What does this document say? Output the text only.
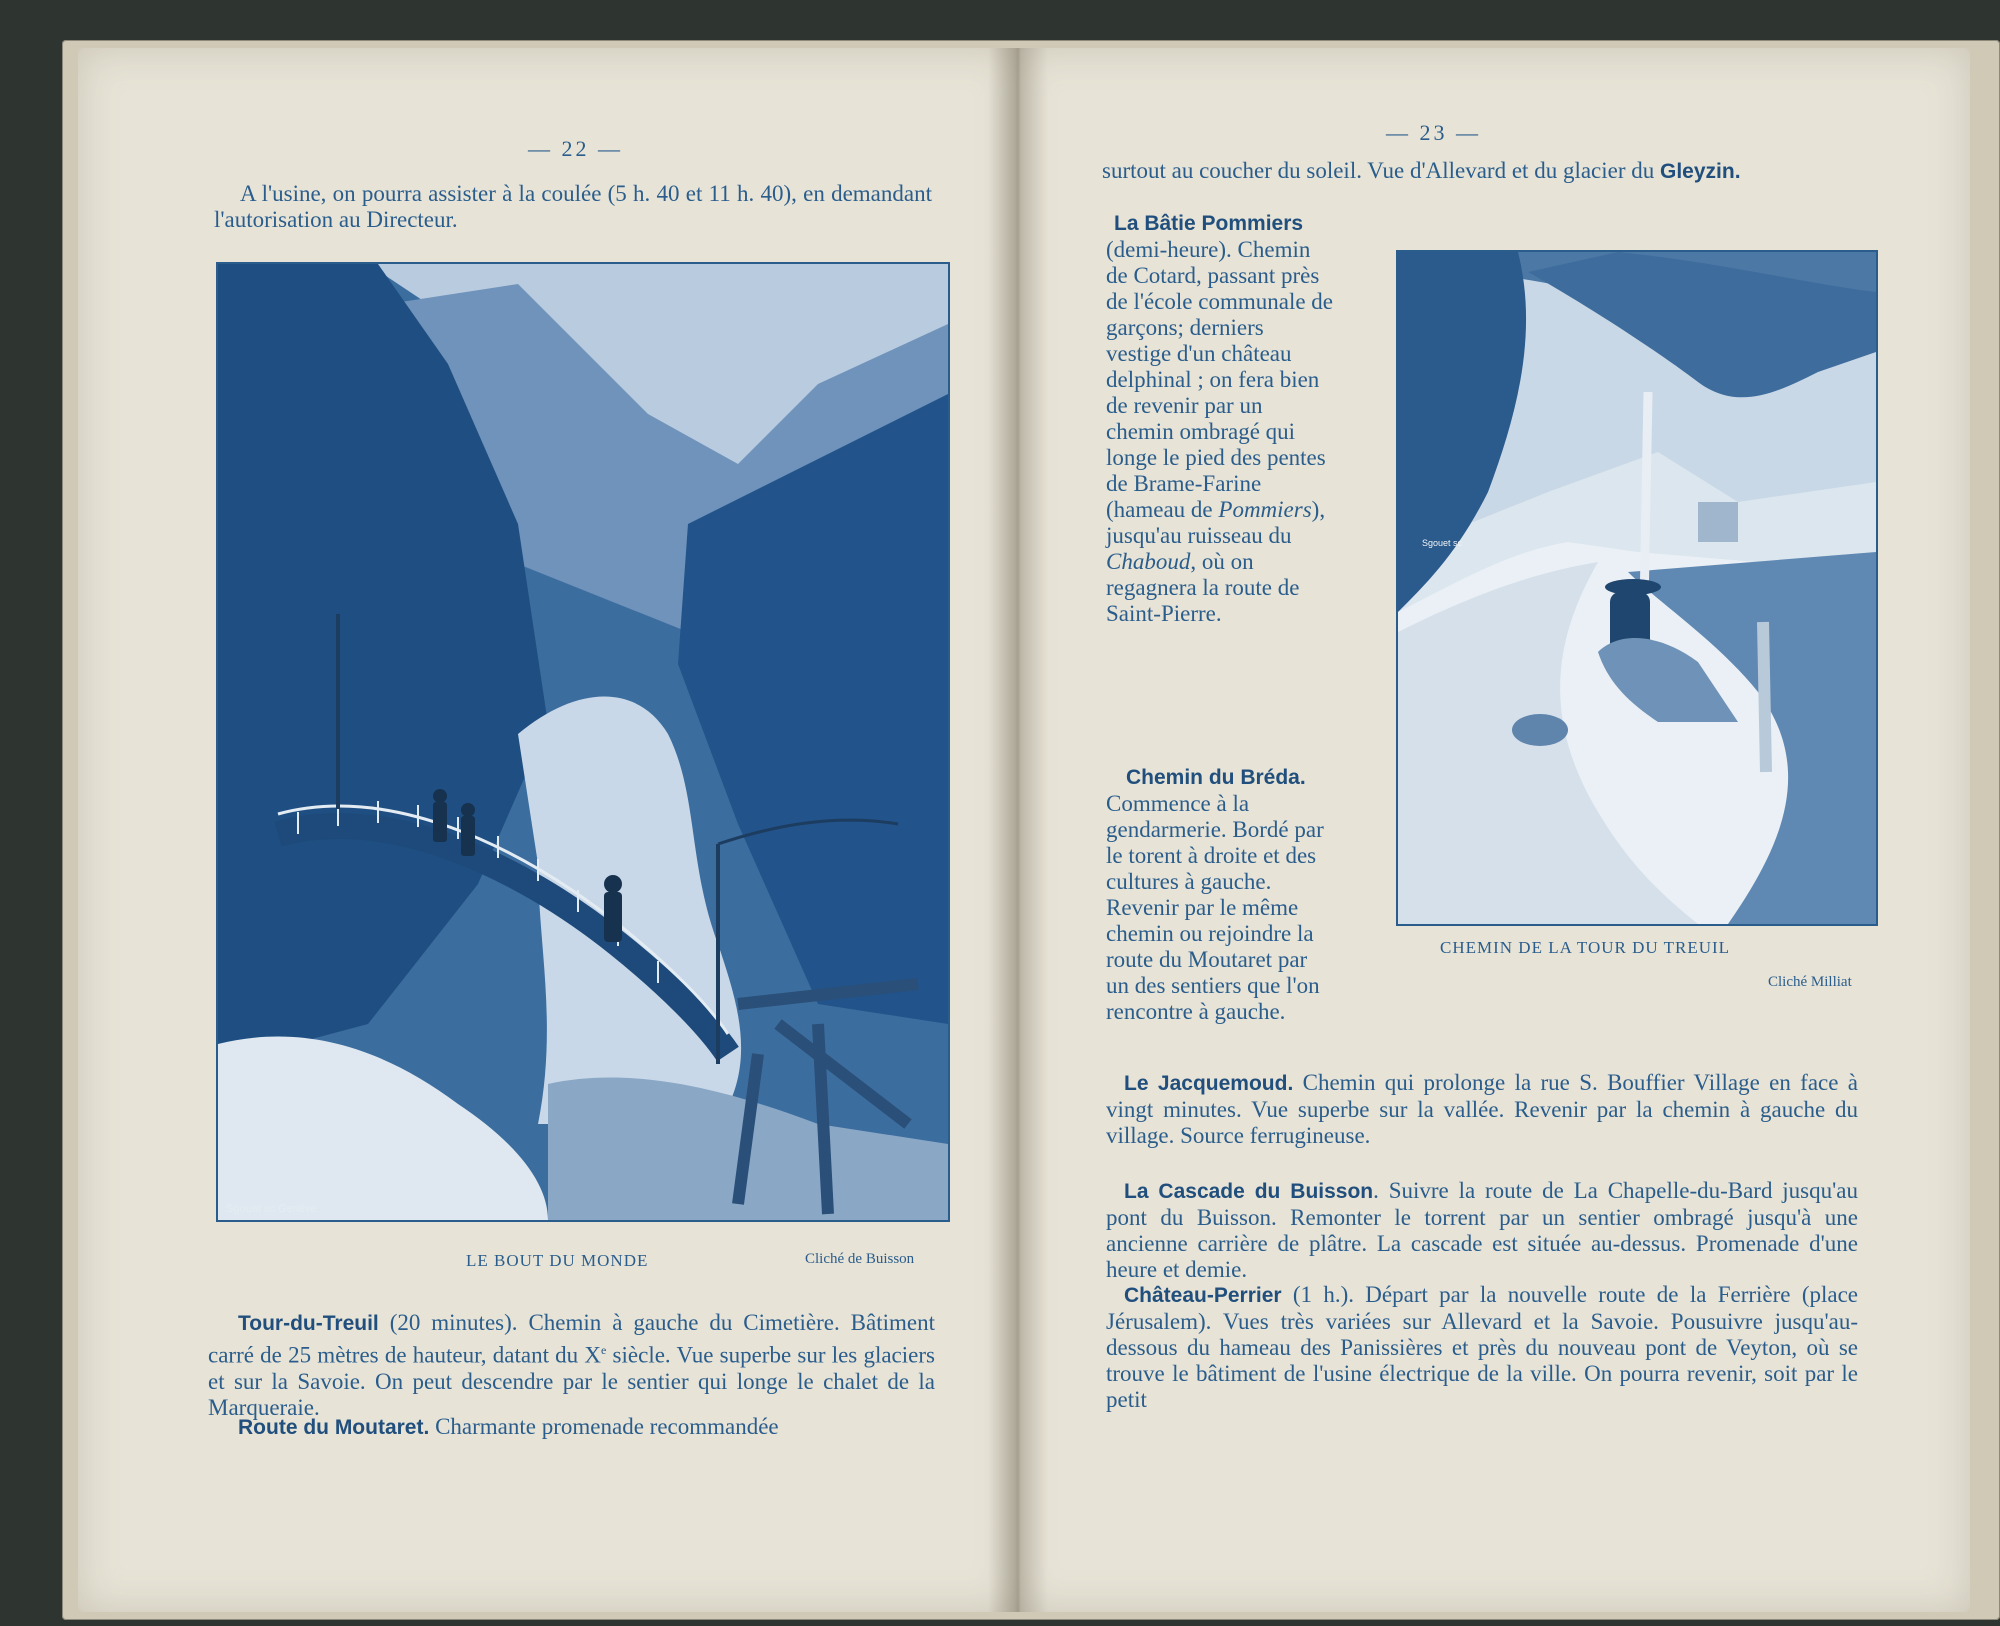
— 22 —

A l'usine, on pourra assister à la coulée (5 h. 40 et 11 h. 40), en demandant l'autorisation au Directeur.

Sgouet sc Genève
LE BOUT DU MONDE	Cliché de Buisson

Tour-du-Treuil (20 minutes). Chemin à gauche du Cimetière. Bâtiment carré de 25 mètres de hauteur, datant du Xe siècle. Vue superbe sur les glaciers et sur la Savoie. On peut descendre par le sentier qui longe le chalet de la Marqueraie.

Route du Moutaret. Charmante promenade recommandée

— 23 —

surtout au coucher du soleil. Vue d'Allevard et du glacier du Gleyzin.

La Bâtie Pommiers (demi-heure). Chemin de Cotard, passant près de l'école communale de garçons; derniers vestige d'un château delphinal ; on fera bien de revenir par un chemin ombragé qui longe le pied des pentes de Brame-Farine (hameau de Pommiers), jusqu'au ruisseau du Chaboud, où on regagnera la route de Saint-Pierre.

Chemin du Bréda. Commence à la gendarmerie. Bordé par le torent à droite et des cultures à gauche. Revenir par le même chemin ou rejoindre la route du Moutaret par un des sentiers que l'on rencontre à gauche.

Sgouet sc
CHEMIN DE LA TOUR DU TREUIL
Cliché Milliat

Le Jacquemoud. Chemin qui prolonge la rue S. Bouffier Village en face à vingt minutes. Vue superbe sur la vallée. Revenir par la chemin à gauche du village. Source ferrugineuse.

La Cascade du Buisson. Suivre la route de La Chapelle-du-Bard jusqu'au pont du Buisson. Remonter le torrent par un sentier ombragé jusqu'à une ancienne carrière de plâtre. La cascade est située au-dessus. Promenade d'une heure et demie.

Château-Perrier (1 h.). Départ par la nouvelle route de la Ferrière (place Jérusalem). Vues très variées sur Allevard et la Savoie. Pousuivre jusqu'au-dessous du hameau des Panissières et près du nouveau pont de Veyton, où se trouve le bâtiment de l'usine électrique de la ville. On pourra revenir, soit par le petit
